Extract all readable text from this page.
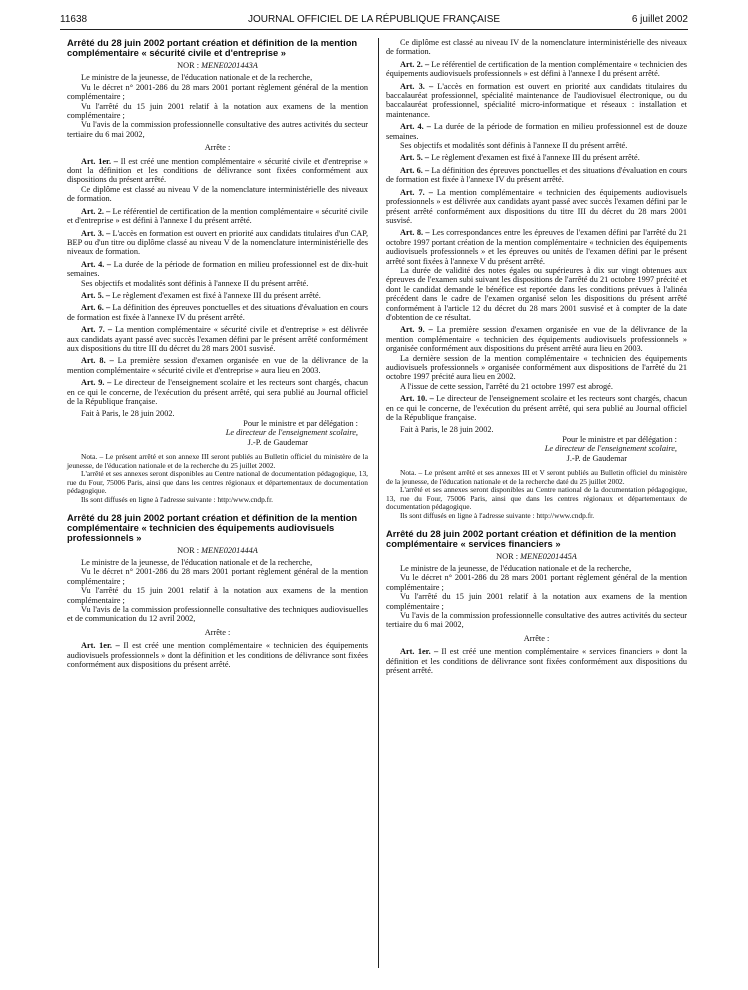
11638	JOURNAL OFFICIEL DE LA RÉPUBLIQUE FRANÇAISE	6 juillet 2002
Arrêté du 28 juin 2002 portant création et définition de la mention complémentaire « sécurité civile et d'entreprise »
NOR : MENE0201443A

Le ministre de la jeunesse, de l'éducation nationale et de la recherche,

Vu le décret n° 2001-286 du 28 mars 2001 portant règlement général de la mention complémentaire ;

Vu l'arrêté du 15 juin 2001 relatif à la notation aux examens de la mention complémentaire ;

Vu l'avis de la commission professionnelle consultative des autres activités du secteur tertiaire du 6 mai 2002,

Arrête :

Art. 1er. – Il est créé une mention complémentaire « sécurité civile et d'entreprise » dont la définition et les conditions de délivrance sont fixées conformément aux dispositions du présent arrêté.

Ce diplôme est classé au niveau V de la nomenclature interministérielle des niveaux de formation.

Art. 2. – Le référentiel de certification de la mention complémentaire « sécurité civile et d'entreprise » est défini à l'annexe I du présent arrêté.

Art. 3. – L'accès en formation est ouvert en priorité aux candidats titulaires d'un CAP, BEP ou d'un titre ou diplôme classé au niveau V de la nomenclature interministérielle des niveaux de formation.

Art. 4. – La durée de la période de formation en milieu professionnel est de dix-huit semaines.

Ses objectifs et modalités sont définis à l'annexe II du présent arrêté.

Art. 5. – Le règlement d'examen est fixé à l'annexe III du présent arrêté.

Art. 6. – La définition des épreuves ponctuelles et des situations d'évaluation en cours de formation est fixée à l'annexe IV du présent arrêté.

Art. 7. – La mention complémentaire « sécurité civile et d'entreprise » est délivrée aux candidats ayant passé avec succès l'examen défini par le présent arrêté conformément aux dispositions du titre III du décret du 28 mars 2001 susvisé.

Art. 8. – La première session d'examen organisée en vue de la délivrance de la mention complémentaire « sécurité civile et d'entreprise » aura lieu en 2003.

Art. 9. – Le directeur de l'enseignement scolaire et les recteurs sont chargés, chacun en ce qui le concerne, de l'exécution du présent arrêté, qui sera publié au Journal officiel de la République française.

Fait à Paris, le 28 juin 2002.

Pour le ministre et par délégation :

Le directeur de l'enseignement scolaire,

J.-P. de Gaudemar

Nota. – Le présent arrêté et son annexe III seront publiés au Bulletin officiel du ministère de la jeunesse, de l'éducation nationale et de la recherche du 25 juillet 2002.

L'arrêté et ses annexes seront disponibles au Centre national de documentation pédagogique, 13, rue du Four, 75006 Paris, ainsi que dans les centres régionaux et départementaux de documentation pédagogique.

Ils sont diffusés en ligne à l'adresse suivante : http:/www.cndp.fr.

Arrêté du 28 juin 2002 portant création et définition de la mention complémentaire « technicien des équipements audiovisuels professionnels »
NOR : MENE0201444A

Le ministre de la jeunesse, de l'éducation nationale et de la recherche,

Vu le décret n° 2001-286 du 28 mars 2001 portant règlement général de la mention complémentaire ;

Vu l'arrêté du 15 juin 2001 relatif à la notation aux examens de la mention complémentaire ;

Vu l'avis de la commission professionnelle consultative des techniques audiovisuelles et de communication du 12 avril 2002,

Arrête :

Art. 1er. – Il est créé une mention complémentaire « technicien des équipements audiovisuels professionnels » dont la définition et les conditions de délivrance sont fixées conformément aux dispositions du présent arrêté.

Ce diplôme est classé au niveau IV de la nomenclature interministérielle des niveaux de formation.

Art. 2. – Le référentiel de certification de la mention complémentaire « technicien des équipements audiovisuels professionnels » est défini à l'annexe I du présent arrêté.

Art. 3. – L'accès en formation est ouvert en priorité aux candidats titulaires du baccalauréat professionnel, spécialité maintenance de l'audiovisuel électronique, ou du baccalauréat professionnel, spécialité micro-informatique et réseaux : installation et maintenance.

Art. 4. – La durée de la période de formation en milieu professionnel est de douze semaines.

Ses objectifs et modalités sont définis à l'annexe II du présent arrêté.

Art. 5. – Le règlement d'examen est fixé à l'annexe III du présent arrêté.

Art. 6. – La définition des épreuves ponctuelles et des situations d'évaluation en cours de formation est fixée à l'annexe IV du présent arrêté.

Art. 7. – La mention complémentaire « technicien des équipements audiovisuels professionnels » est délivrée aux candidats ayant passé avec succès l'examen défini par le présent arrêté conformément aux dispositions du titre III du décret du 28 mars 2001 susvisé.

Art. 8. – Les correspondances entre les épreuves de l'examen défini par l'arrêté du 21 octobre 1997 portant création de la mention complémentaire « technicien des équipements audiovisuels professionnels » et les épreuves ou unités de l'examen défini par le présent arrêté sont fixées à l'annexe V du présent arrêté.

La durée de validité des notes égales ou supérieures à dix sur vingt obtenues aux épreuves de l'examen subi suivant les dispositions de l'arrêté du 21 octobre 1997 précité et dont le candidat demande le bénéfice est reportée dans les conditions prévues à l'alinéa précédent dans le cadre de l'examen organisé selon les dispositions du présent arrêté conformément à l'article 12 du décret du 28 mars 2001 susvisé et à compter de la date d'obtention de ce résultat.

Art. 9. – La première session d'examen organisée en vue de la délivrance de la mention complémentaire « technicien des équipements audiovisuels professionnels » organisée conformément aux dispositions du présent arrêté aura lieu en 2003.

La dernière session de la mention complémentaire « technicien des équipements audiovisuels professionnels » organisée conformément aux dispositions de l'arrêté du 21 octobre 1997 précité aura lieu en 2002.

A l'issue de cette session, l'arrêté du 21 octobre 1997 est abrogé.

Art. 10. – Le directeur de l'enseignement scolaire et les recteurs sont chargés, chacun en ce qui le concerne, de l'exécution du présent arrêté, qui sera publié au Journal officiel de la République française.

Fait à Paris, le 28 juin 2002.

Pour le ministre et par délégation :

Le directeur de l'enseignement scolaire,

J.-P. de Gaudemar

Nota. – Le présent arrêté et ses annexes III et V seront publiés au Bulletin officiel du ministère de la jeunesse, de l'éducation nationale et de la recherche daté du 25 juillet 2002.

L'arrêté et ses annexes seront disponibles au Centre national de la documentation pédagogique, 13, rue du Four, 75006 Paris, ainsi que dans les centres régionaux et départementaux de documentation pédagogique.

Ils sont diffusés en ligne à l'adresse suivante : http://www.cndp.fr.

Arrêté du 28 juin 2002 portant création et définition de la mention complémentaire « services financiers »
NOR : MENE0201445A

Le ministre de la jeunesse, de l'éducation nationale et de la recherche,

Vu le décret n° 2001-286 du 28 mars 2001 portant règlement général de la mention complémentaire ;

Vu l'arrêté du 15 juin 2001 relatif à la notation aux examens de la mention complémentaire ;

Vu l'avis de la commission professionnelle consultative des autres activités du secteur tertiaire du 6 mai 2002,

Arrête :

Art. 1er. – Il est créé une mention complémentaire « services financiers » dont la définition et les conditions de délivrance sont fixées conformément aux dispositions du présent arrêté.
